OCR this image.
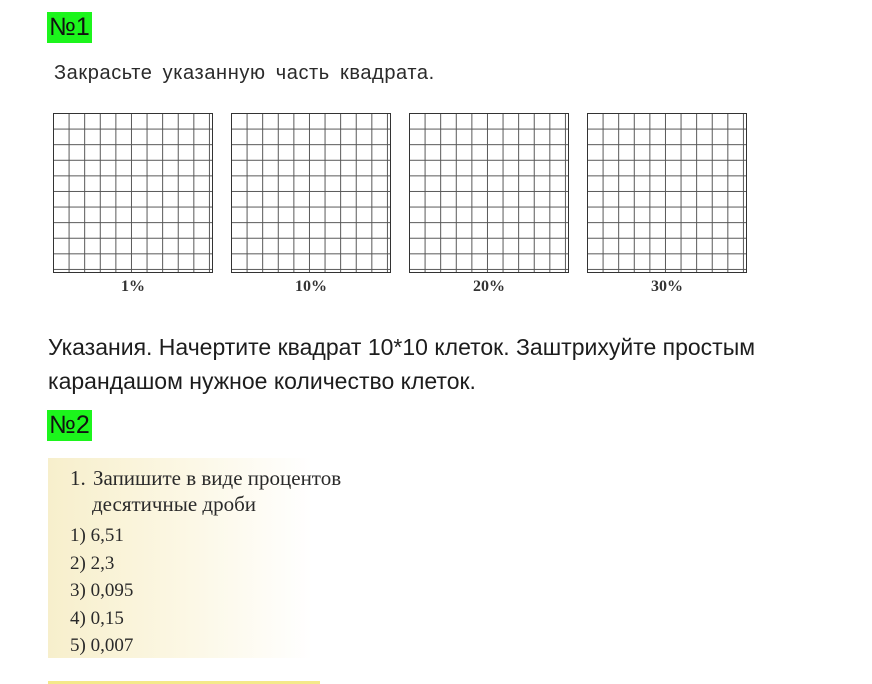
№1
Закрасьте указанную часть квадрата.
1%	10%	20%	30%
Указания. Начертите квадрат 10*10 клеток. Заштрихуйте простым
карандашом нужное количество клеток.
№2
1. Запишите в виде процентов
десятичные дроби
1) 6,51
2) 2,3
3) 0,095
4) 0,15
5) 0,007
